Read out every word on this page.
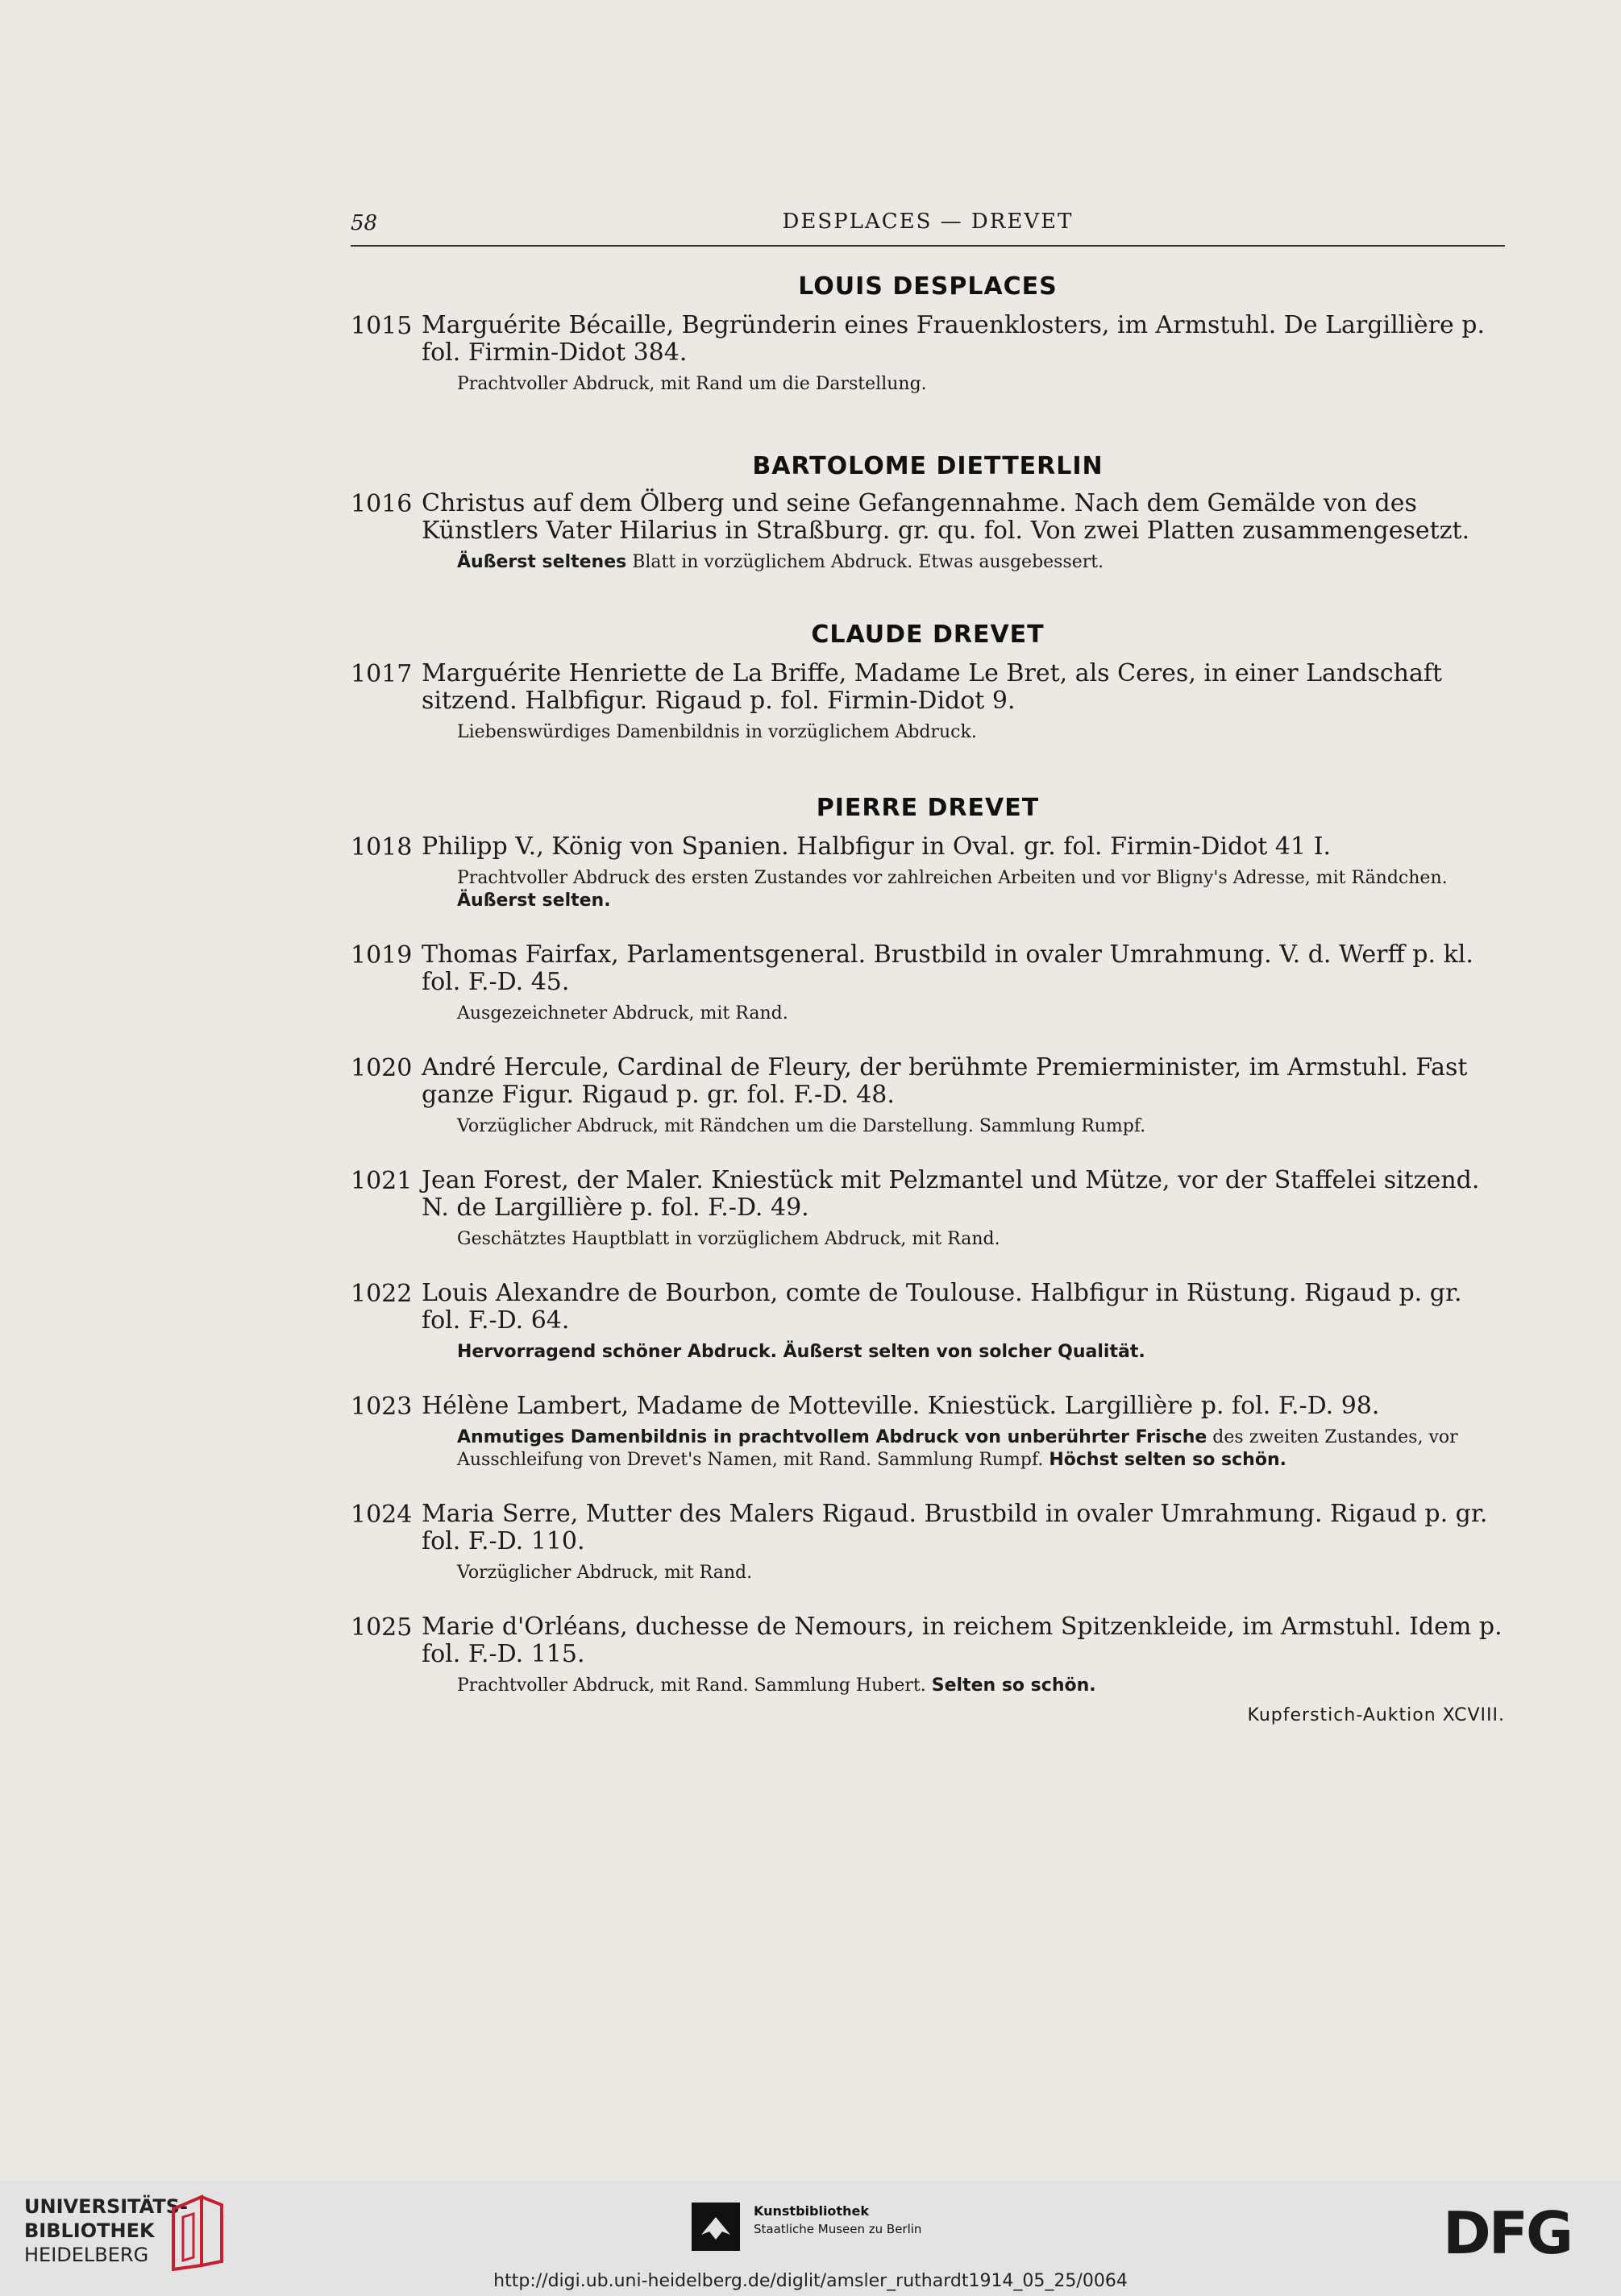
58	DESPLACES — DREVET
LOUIS DESPLACES
1015 Marguérite Bécaille, Begründerin eines Frauenklosters, im Armstuhl. De Largillière p. fol. Firmin-Didot 384.
Prachtvoller Abdruck, mit Rand um die Darstellung.
BARTOLOME DIETTERLIN
1016 Christus auf dem Ölberg und seine Gefangennahme. Nach dem Gemälde von des Künstlers Vater Hilarius in Straßburg. gr. qu. fol. Von zwei Platten zusammengesetzt.
Äußerst seltenes Blatt in vorzüglichem Abdruck. Etwas ausgebessert.
CLAUDE DREVET
1017 Marguérite Henriette de La Briffe, Madame Le Bret, als Ceres, in einer Landschaft sitzend. Halbfigur. Rigaud p. fol. Firmin-Didot 9.
Liebenswürdiges Damenbildnis in vorzüglichem Abdruck.
PIERRE DREVET
1018 Philipp V., König von Spanien. Halbfigur in Oval. gr. fol. Firmin-Didot 41 I.
Prachtvoller Abdruck des ersten Zustandes vor zahlreichen Arbeiten und vor Bligny's Adresse, mit Rändchen. Äußerst selten.
1019 Thomas Fairfax, Parlamentsgeneral. Brustbild in ovaler Umrahmung. V. d. Werff p. kl. fol. F.-D. 45.
Ausgezeichneter Abdruck, mit Rand.
1020 André Hercule, Cardinal de Fleury, der berühmte Premierminister, im Armstuhl. Fast ganze Figur. Rigaud p. gr. fol. F.-D. 48.
Vorzüglicher Abdruck, mit Rändchen um die Darstellung. Sammlung Rumpf.
1021 Jean Forest, der Maler. Kniestück mit Pelzmantel und Mütze, vor der Staffelei sitzend. N. de Largillière p. fol. F.-D. 49.
Geschätztes Hauptblatt in vorzüglichem Abdruck, mit Rand.
1022 Louis Alexandre de Bourbon, comte de Toulouse. Halbfigur in Rüstung. Rigaud p. gr. fol. F.-D. 64.
Hervorragend schöner Abdruck. Äußerst selten von solcher Qualität.
1023 Hélène Lambert, Madame de Motteville. Kniestück. Largillière p. fol. F.-D. 98.
Anmutiges Damenbildnis in prachtvollem Abdruck von unberührter Frische des zweiten Zustandes, vor Ausschleifung von Drevet's Namen, mit Rand. Sammlung Rumpf. Höchst selten so schön.
1024 Maria Serre, Mutter des Malers Rigaud. Brustbild in ovaler Umrahmung. Rigaud p. gr. fol. F.-D. 110.
Vorzüglicher Abdruck, mit Rand.
1025 Marie d'Orléans, duchesse de Nemours, in reichem Spitzenkleide, im Armstuhl. Idem p. fol. F.-D. 115.
Prachtvoller Abdruck, mit Rand. Sammlung Hubert. Selten so schön.
Kupferstich-Auktion XCVIII.
UNIVERSITÄTS-
BIBLIOTHEK
HEIDELBERG
Kunstbibliothek
Staatliche Museen zu Berlin	DFG
http://digi.ub.uni-heidelberg.de/diglit/amsler_ruthardt1914_05_25/0064
